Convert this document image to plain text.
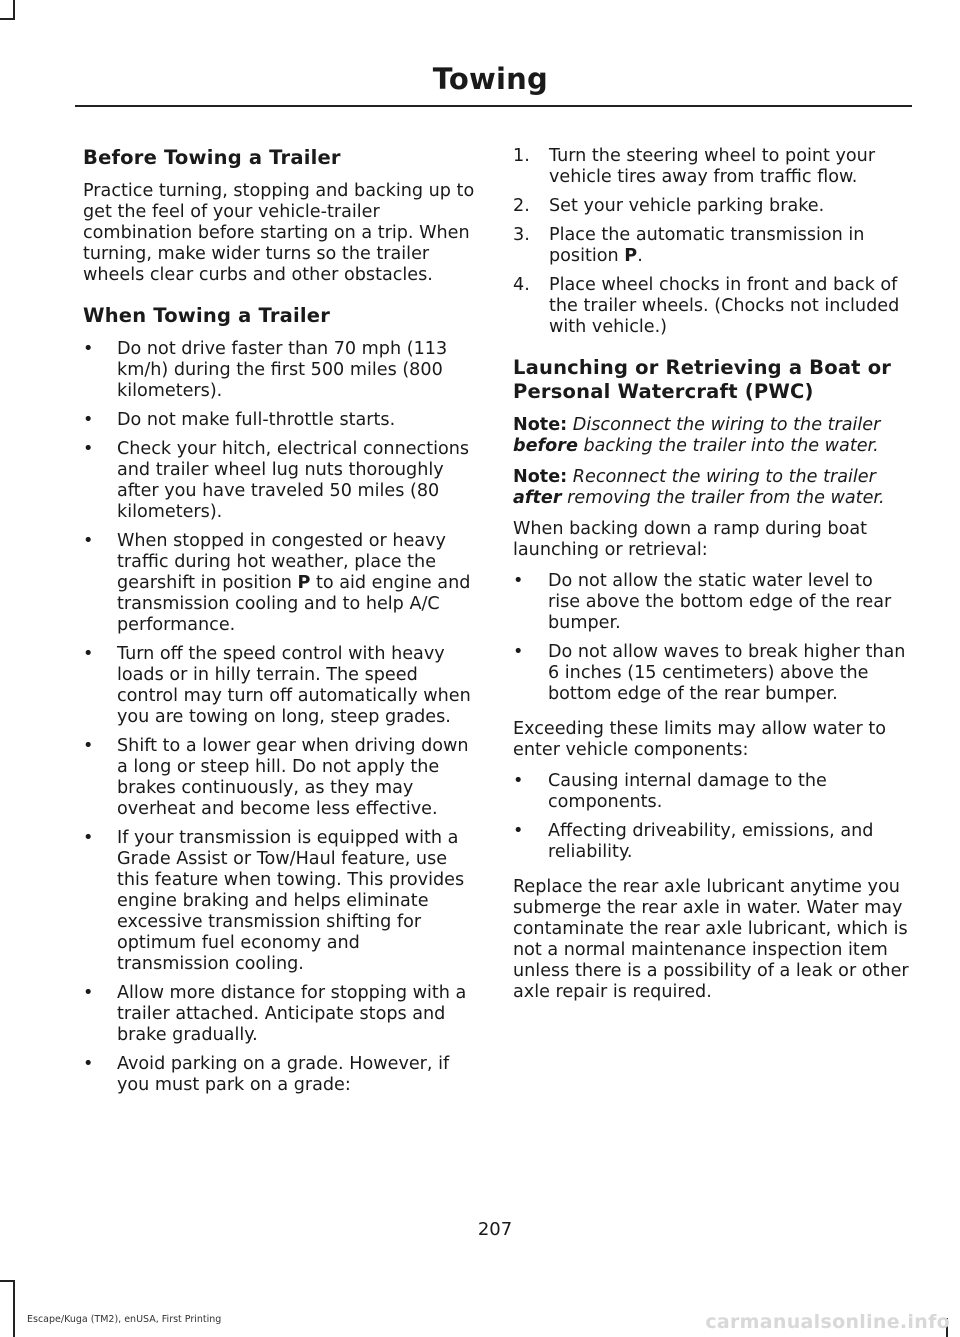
Towing
Before Towing a Trailer

Practice turning, stopping and backing up to get the feel of your vehicle-trailer combination before starting on a trip. When turning, make wider turns so the trailer wheels clear curbs and other obstacles.

When Towing a Trailer
• Do not drive faster than 70 mph (113 km/h) during the first 500 miles (800 kilometers).
• Do not make full-throttle starts.
• Check your hitch, electrical connections and trailer wheel lug nuts thoroughly after you have traveled 50 miles (80 kilometers).
• When stopped in congested or heavy traffic during hot weather, place the gearshift in position P to aid engine and transmission cooling and to help A/C performance.
• Turn off the speed control with heavy loads or in hilly terrain. The speed control may turn off automatically when you are towing on long, steep grades.
• Shift to a lower gear when driving down a long or steep hill. Do not apply the brakes continuously, as they may overheat and become less effective.
• If your transmission is equipped with a Grade Assist or Tow/Haul feature, use this feature when towing. This provides engine braking and helps eliminate excessive transmission shifting for optimum fuel economy and transmission cooling.
• Allow more distance for stopping with a trailer attached. Anticipate stops and brake gradually.
• Avoid parking on a grade. However, if you must park on a grade:
1. Turn the steering wheel to point your vehicle tires away from traffic flow.
2. Set your vehicle parking brake.
3. Place the automatic transmission in position P.
4. Place wheel chocks in front and back of the trailer wheels. (Chocks not included with vehicle.)
Launching or Retrieving a Boat or Personal Watercraft (PWC)

Note: Disconnect the wiring to the trailer before backing the trailer into the water.

Note: Reconnect the wiring to the trailer after removing the trailer from the water.

When backing down a ramp during boat launching or retrieval:

• Do not allow the static water level to rise above the bottom edge of the rear bumper.
• Do not allow waves to break higher than 6 inches (15 centimeters) above the bottom edge of the rear bumper.

Exceeding these limits may allow water to enter vehicle components:

• Causing internal damage to the components.
• Affecting driveability, emissions, and reliability.

Replace the rear axle lubricant anytime you submerge the rear axle in water. Water may contaminate the rear axle lubricant, which is not a normal maintenance inspection item unless there is a possibility of a leak or other axle repair is required.

207
Escape/Kuga (TM2), enUSA, First Printing	carmanualsonline.info
